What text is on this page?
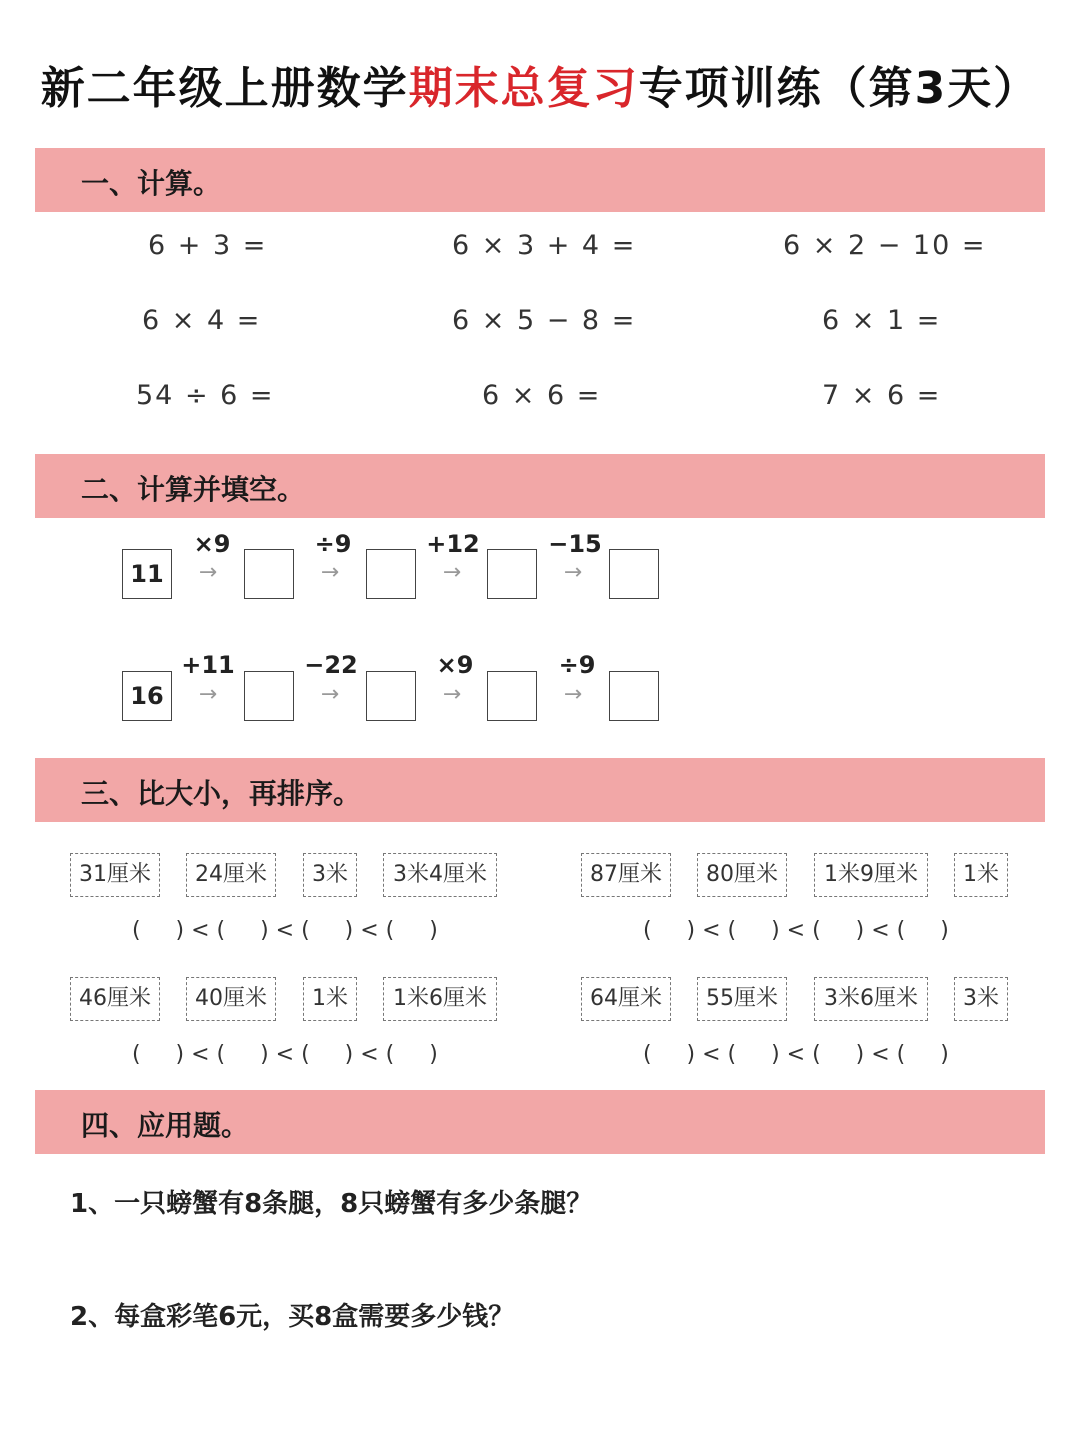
新二年级上册数学期末总复习专项训练（第3天）
一、计算。
6 + 3 =	6 × 3 + 4 =	6 × 2 − 10 =
6 × 4 =	6 × 5 − 8 =	6 × 1 =
54 ÷ 6 =	6 × 6 =	7 × 6 =
二、计算并填空。
11
×9
→
÷9
→
+12
→
−15
→
16
+11
→
−22
→
×9
→
÷9
→
三、比大小，再排序。
31厘米	24厘米	3米	3米4厘米
(     ) < (     ) < (     ) < (     )
87厘米	80厘米	1米9厘米	1米
(     ) < (     ) < (     ) < (     )
46厘米	40厘米	1米	1米6厘米
(     ) < (     ) < (     ) < (     )
64厘米	55厘米	3米6厘米	3米
(     ) < (     ) < (     ) < (     )
四、应用题。
1、一只螃蟹有8条腿，8只螃蟹有多少条腿？
2、每盒彩笔6元，买8盒需要多少钱？
